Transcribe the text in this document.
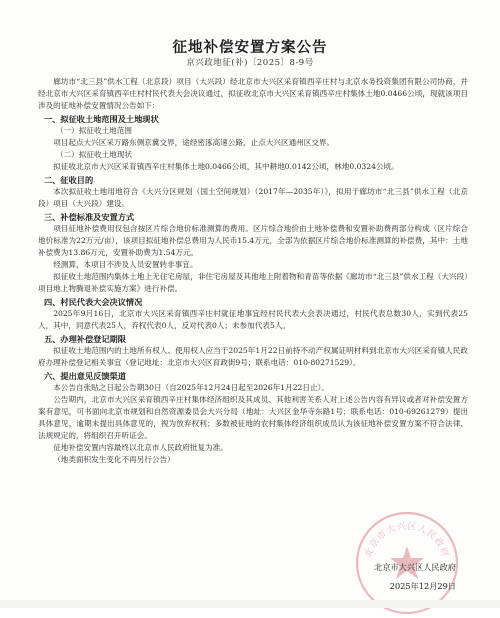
征地补偿安置方案公告
京兴政地征(补)〔2025〕8-9号

廊坊市“北三县”供水工程（北京段）项目（大兴段）经北京市大兴区采育镇西辛庄村与北京水务投资集团有限公司协商，并经北京市大兴区采育镇西辛庄村村民代表大会决议通过，拟征收北京市大兴区采育镇西辛庄村集体土地0.0466公顷，现就该项目涉及的征地补偿安置情况公告如下：

一、拟征收土地范围及土地现状
（一）拟征收土地范围

项目起点大兴区采万路东侧京冀交界，途经密涿高速公路，止点大兴区通州区交界。

（二）拟征收土地现状

拟征收北京市大兴区采育镇西辛庄村集体土地0.0466公顷，其中耕地0.0142公顷，林地0.0324公顷。

二、征收目的

本次拟征收土地用地符合《大兴分区规划（国土空间规划）（2017年—2035年）》，拟用于廊坊市“北三县”供水工程（北京段）项目（大兴段）建设。

三、补偿标准及安置方式

项目征地补偿费用仅包含按区片综合地价标准测算的费用。区片综合地价由土地补偿费和安置补助费两部分构成（区片综合地价标准为22万元/亩），该项目拟征地补偿总费用为人民币15.4万元，全部为依据区片综合地价标准测算的补偿费，其中：土地补偿费为13.86万元，安置补助费为1.54万元。

经测算，本项目不涉及人员安置转非事宜。

拟征收土地范围内集体土地上无住宅房屋，非住宅房屋及其他地上附着物和青苗等依据《廊坊市“北三县”供水工程（大兴段）项目地上物腾退补偿实施方案》进行补偿。

四、村民代表大会决议情况

2025年9月16日，北京市大兴区采育镇西辛庄村就征地事宜经村民代表大会表决通过，村民代表总数30人，实到代表25人，其中，同意代表25人，弃权代表0人，反对代表0人；未参加代表5人。

五、办理补偿登记期限

拟征收土地范围内的土地所有权人、使用权人应当于2025年1月22日前持不动产权属证明材料到北京市大兴区采育镇人民政府办理补偿登记相关事宜（登记地址：北京市大兴区育政街9号；联系电话：010-80271529）。

六、提出意见反馈渠道

本公告自张贴之日起公告期30日（自2025年12月24日起至2026年1月22日止）。

公告期内，北京市大兴区采育镇西辛庄村集体经济组织及其成员、其他利害关系人对上述公告内容有异议或者对补偿安置方案有意见，可书面向北京市规划和自然资源委员会大兴分局（地址：大兴区金华寺东路1号；联系电话：010-69261279）提出具体意见，逾期未提出具体意见的，视为放弃权利；多数被征地的农村集体经济组织成员认为该征地补偿安置方案不符合法律、法规规定的，将组织召开听证会。

征地补偿安置内容最终以北京市人民政府批复为准。

（地类面积发生变化不再另行公告）

北京市大兴区人民政府
北京市大兴区人民政府
2025年12月29日
